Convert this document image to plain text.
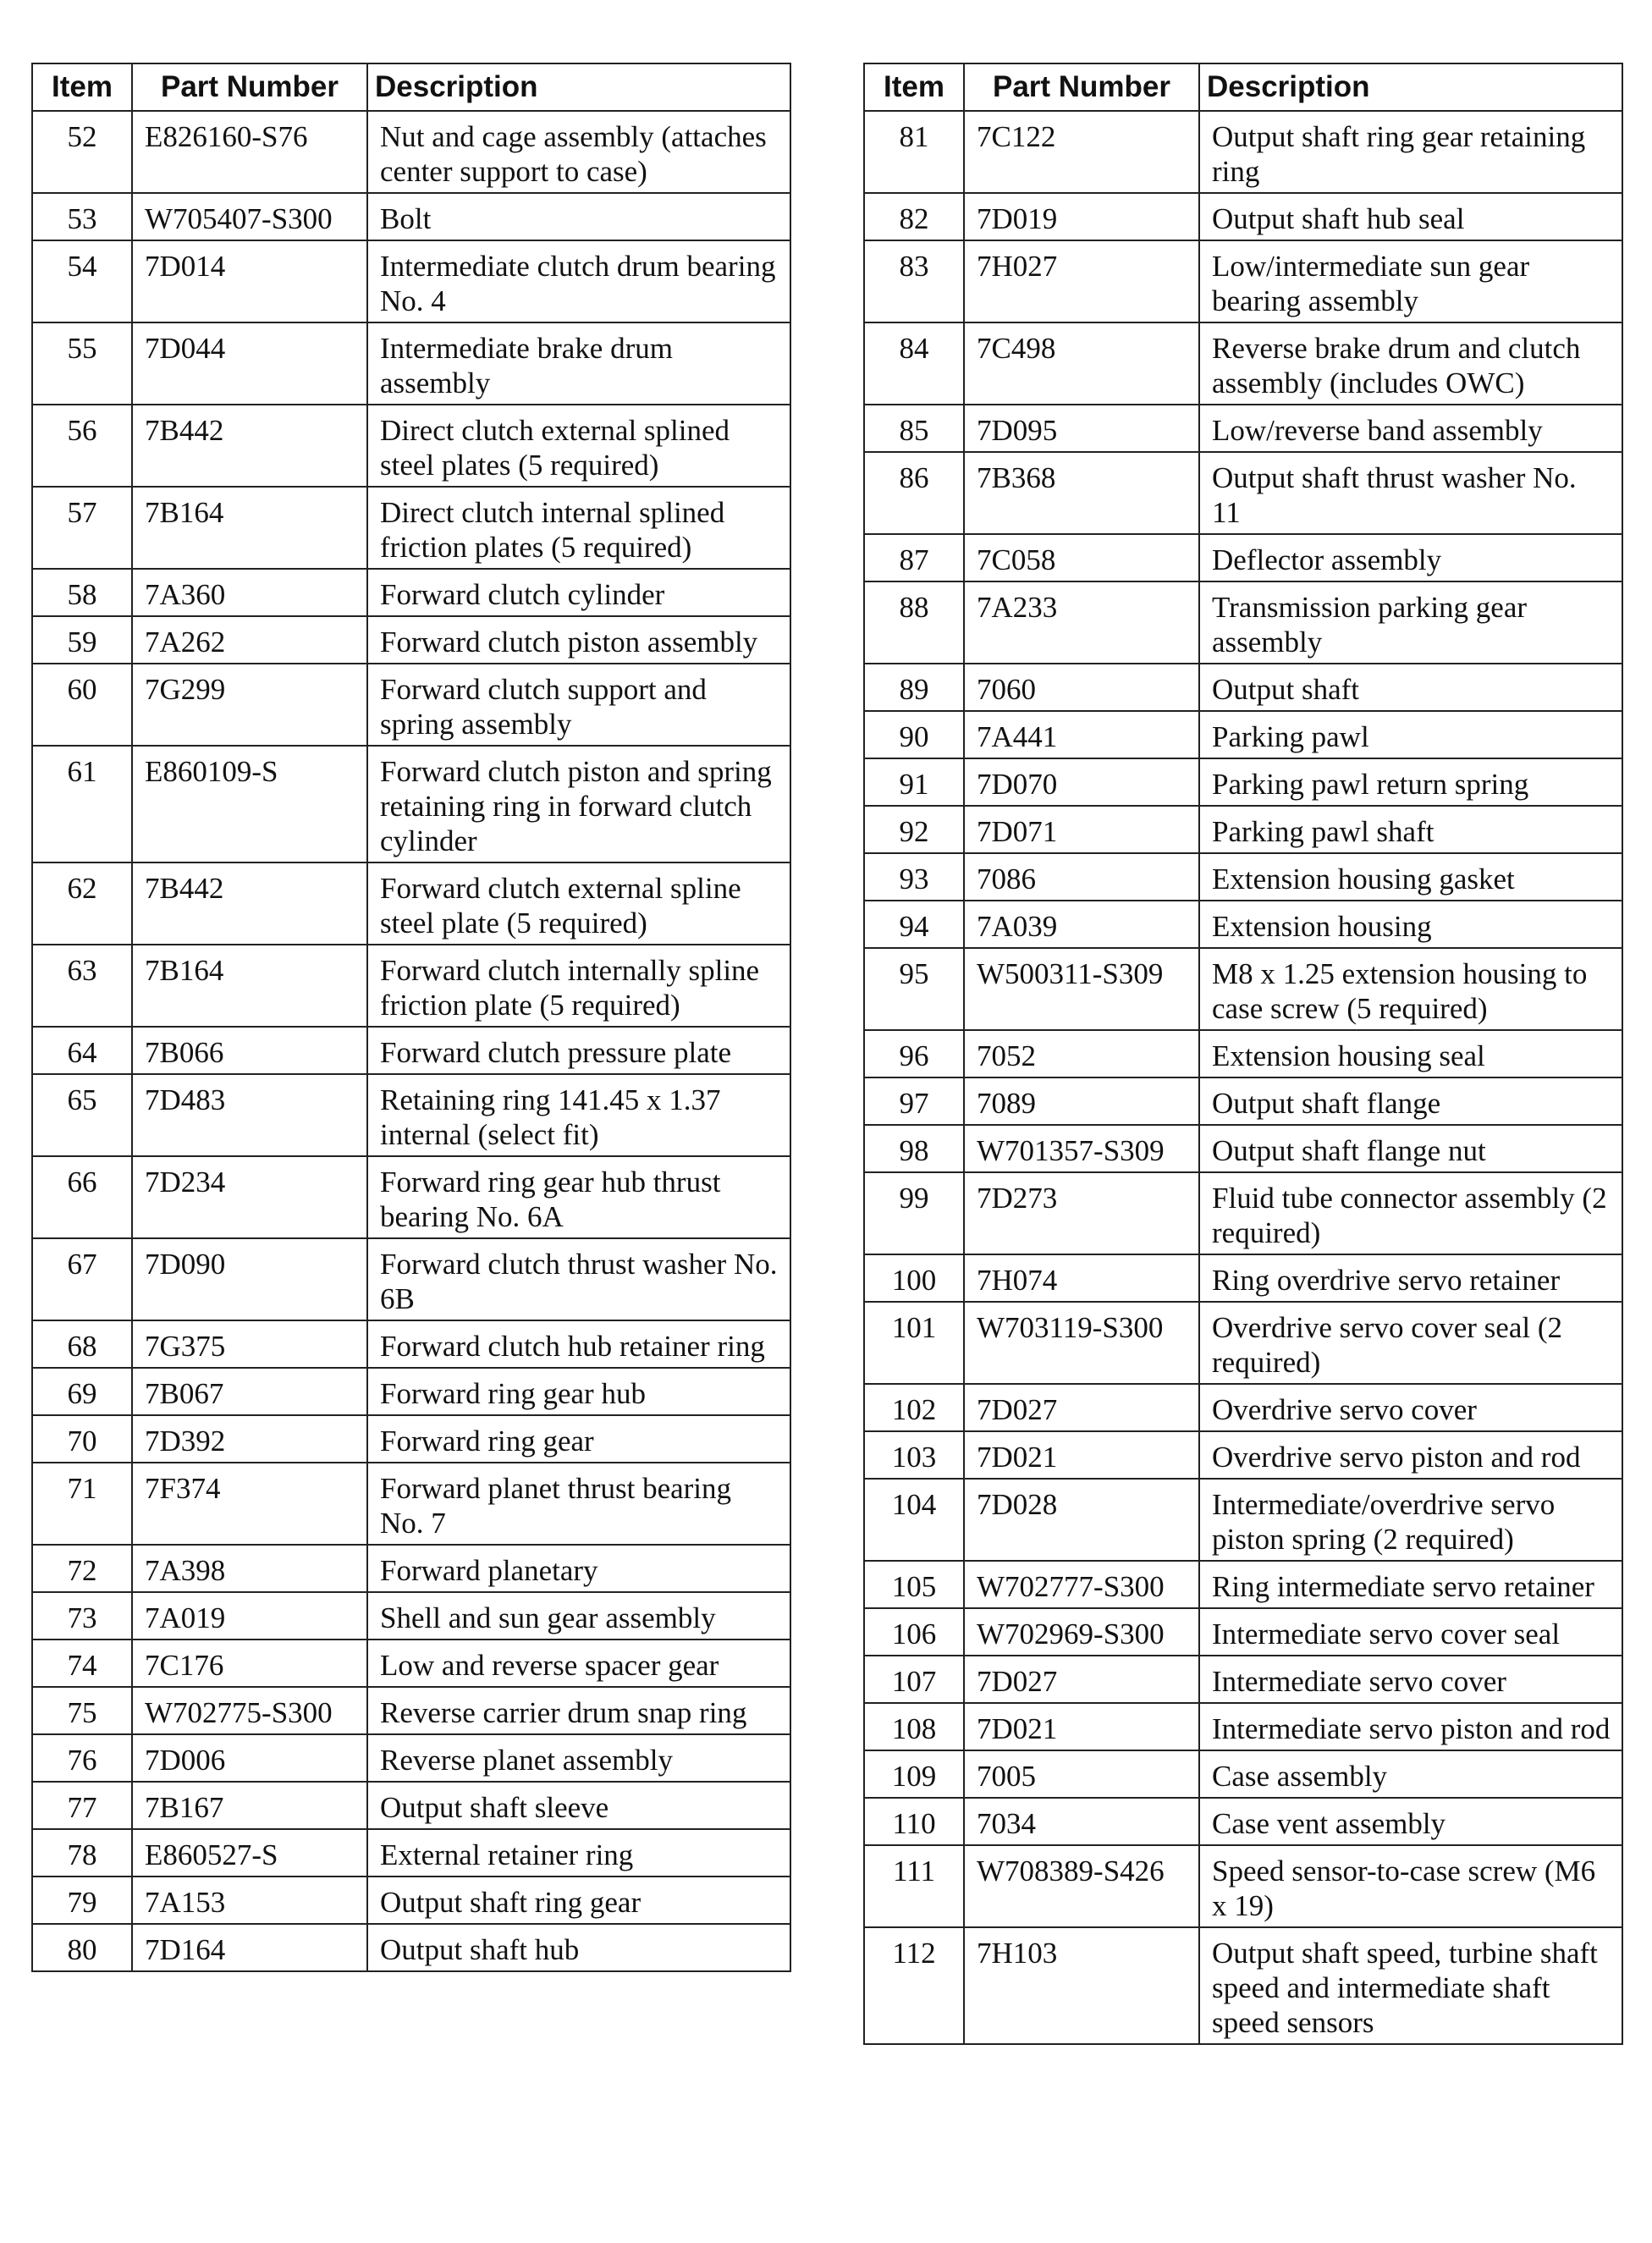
Item	Part Number	Description
52	E826160-S76	Nut and cage assembly (attaches center support to case)
53	W705407-S300	Bolt
54	7D014	Intermediate clutch drum bearing No. 4
55	7D044	Intermediate brake drum assembly
56	7B442	Direct clutch external splined steel plates (5 required)
57	7B164	Direct clutch internal splined friction plates (5 required)
58	7A360	Forward clutch cylinder
59	7A262	Forward clutch piston assembly
60	7G299	Forward clutch support and spring assembly
61	E860109-S	Forward clutch piston and spring retaining ring in forward clutch cylinder
62	7B442	Forward clutch external spline steel plate (5 required)
63	7B164	Forward clutch internally spline friction plate (5 required)
64	7B066	Forward clutch pressure plate
65	7D483	Retaining ring 141.45 x 1.37 internal (select fit)
66	7D234	Forward ring gear hub thrust bearing No. 6A
67	7D090	Forward clutch thrust washer No. 6B
68	7G375	Forward clutch hub retainer ring
69	7B067	Forward ring gear hub
70	7D392	Forward ring gear
71	7F374	Forward planet thrust bearing No. 7
72	7A398	Forward planetary
73	7A019	Shell and sun gear assembly
74	7C176	Low and reverse spacer gear
75	W702775-S300	Reverse carrier drum snap ring
76	7D006	Reverse planet assembly
77	7B167	Output shaft sleeve
78	E860527-S	External retainer ring
79	7A153	Output shaft ring gear
80	7D164	Output shaft hub
Item	Part Number	Description
81	7C122	Output shaft ring gear retaining ring
82	7D019	Output shaft hub seal
83	7H027	Low/intermediate sun gear bearing assembly
84	7C498	Reverse brake drum and clutch assembly (includes OWC)
85	7D095	Low/reverse band assembly
86	7B368	Output shaft thrust washer No. 11
87	7C058	Deflector assembly
88	7A233	Transmission parking gear assembly
89	7060	Output shaft
90	7A441	Parking pawl
91	7D070	Parking pawl return spring
92	7D071	Parking pawl shaft
93	7086	Extension housing gasket
94	7A039	Extension housing
95	W500311-S309	M8 x 1.25 extension housing to case screw (5 required)
96	7052	Extension housing seal
97	7089	Output shaft flange
98	W701357-S309	Output shaft flange nut
99	7D273	Fluid tube connector assembly (2 required)
100	7H074	Ring overdrive servo retainer
101	W703119-S300	Overdrive servo cover seal (2 required)
102	7D027	Overdrive servo cover
103	7D021	Overdrive servo piston and rod
104	7D028	Intermediate/overdrive servo piston spring (2 required)
105	W702777-S300	Ring intermediate servo retainer
106	W702969-S300	Intermediate servo cover seal
107	7D027	Intermediate servo cover
108	7D021	Intermediate servo piston and rod
109	7005	Case assembly
110	7034	Case vent assembly
111	W708389-S426	Speed sensor-to-case screw (M6 x 19)
112	7H103	Output shaft speed, turbine shaft speed and intermediate shaft speed sensors
